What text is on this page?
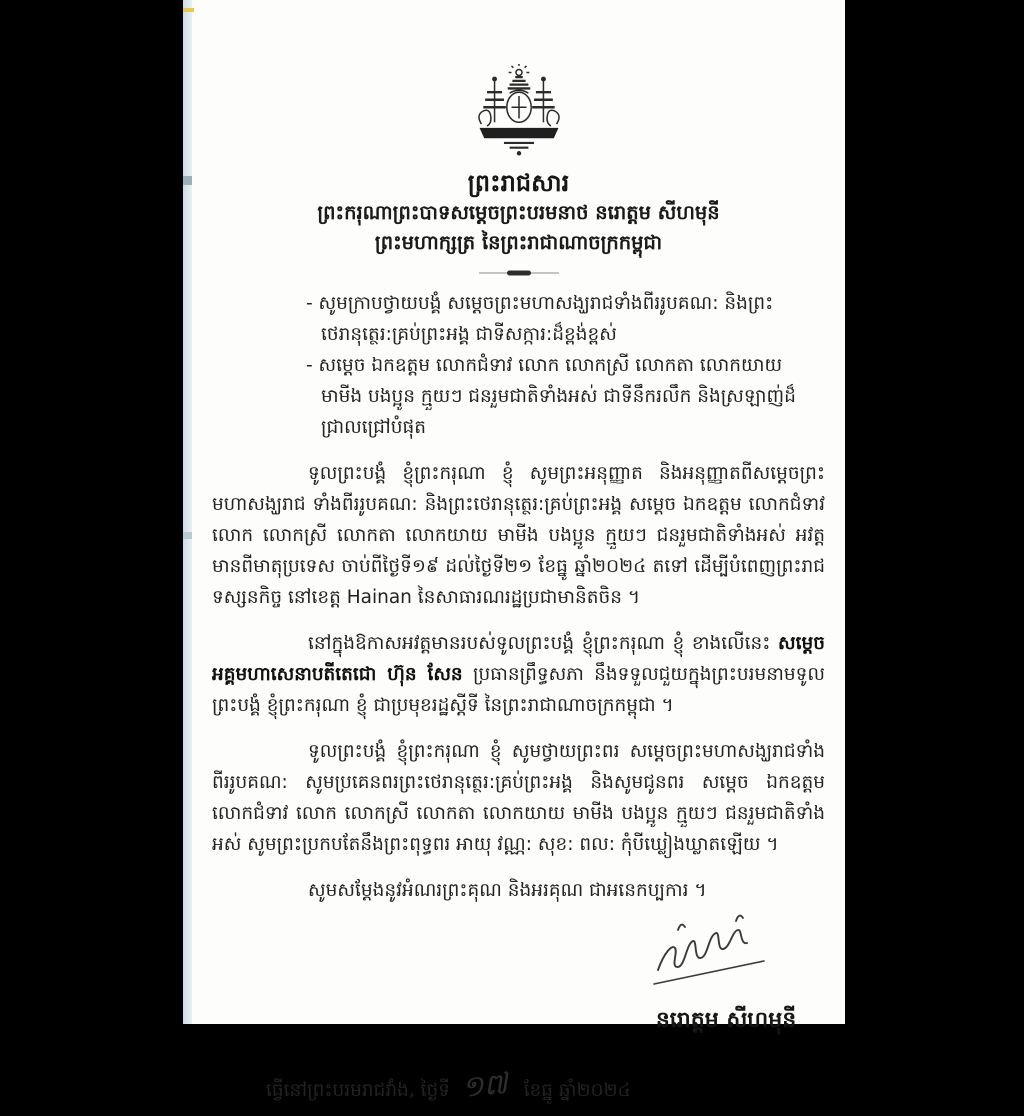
ព្រះរាជសារ
ព្រះករុណាព្រះបាទសម្តេចព្រះបរមនាថ នរោត្តម សីហមុនី
ព្រះមហាក្សត្រ នៃព្រះរាជាណាចក្រកម្ពុជា
- សូមក្រាបថ្វាយបង្គំ សម្តេចព្រះមហាសង្ឃរាជទាំងពីររូបគណ: និងព្រះថេរានុត្ថេរ:គ្រប់ព្រះអង្គ ជាទីសក្ការ:ដ៏ខ្ពង់ខ្ពស់
- សម្តេច ឯកឧត្តម លោកជំទាវ លោក លោកស្រី លោកតា លោកយាយ មាមីង បងប្អូន ក្មួយៗ ជនរួមជាតិទាំងអស់ ជាទីនឹករលឹក និងស្រឡាញ់ដ៏ជ្រាលជ្រៅបំផុត
ទូលព្រះបង្គំ ខ្ញុំព្រះករុណា ខ្ញុំ សូមព្រះអនុញ្ញាត និងអនុញ្ញាតពីសម្តេចព្រះមហាសង្ឃរាជ ទាំងពីររូបគណ: និងព្រះថេរានុត្ថេរ:គ្រប់ព្រះអង្គ សម្តេច ឯកឧត្តម លោកជំទាវ លោក លោកស្រី លោកតា លោកយាយ មាមីង បងប្អូន ក្មួយៗ ជនរួមជាតិទាំងអស់ អវត្តមានពីមាតុប្រទេស ចាប់ពីថ្ងៃទី១៩ ដល់ថ្ងៃទី២១ ខែធ្នូ ឆ្នាំ២០២៤ តទៅ ដើម្បីបំពេញព្រះរាជទស្សនកិច្ច នៅខេត្ត Hainan នៃសាធារណរដ្ឋប្រជាមានិតចិន ។
នៅក្នុងឱកាសអវត្តមានរបស់ទូលព្រះបង្គំ ខ្ញុំព្រះករុណា ខ្ញុំ ខាងលើនេះ សម្តេចអគ្គមហាសេនាបតីតេជោ ហ៊ុន សែន ប្រធានព្រឹទ្ធសភា នឹងទទួលជួយក្នុងព្រះបរមនាមទូលព្រះបង្គំ ខ្ញុំព្រះករុណា ខ្ញុំ ជាប្រមុខរដ្ឋស្តីទី នៃព្រះរាជាណាចក្រកម្ពុជា ។
ទូលព្រះបង្គំ ខ្ញុំព្រះករុណា ខ្ញុំ សូមថ្វាយព្រះពរ សម្តេចព្រះមហាសង្ឃរាជទាំងពីររូបគណ: សូមប្រគេនពរព្រះថេរានុត្ថេរ:គ្រប់ព្រះអង្គ និងសូមជូនពរ សម្តេច ឯកឧត្តម លោកជំទាវ លោក លោកស្រី លោកតា លោកយាយ មាមីង បងប្អូន ក្មួយៗ ជនរួមជាតិទាំងអស់ សូមព្រះប្រកបតែនឹងព្រះពុទ្ធពរ អាយុ វណ្ណ: សុខ: ពល: កុំបីឃ្លៀងឃ្លាតឡើយ ។
សូមសម្តែងនូវអំណរព្រះគុណ និងអរគុណ ជាអនេកប្បការ ។
នរោត្តម សីហមុនី
ធ្វើនៅព្រះបរមរាជវាំង, ថ្ងៃទី ១៧ ខែធ្នូ ឆ្នាំ២០២៤
